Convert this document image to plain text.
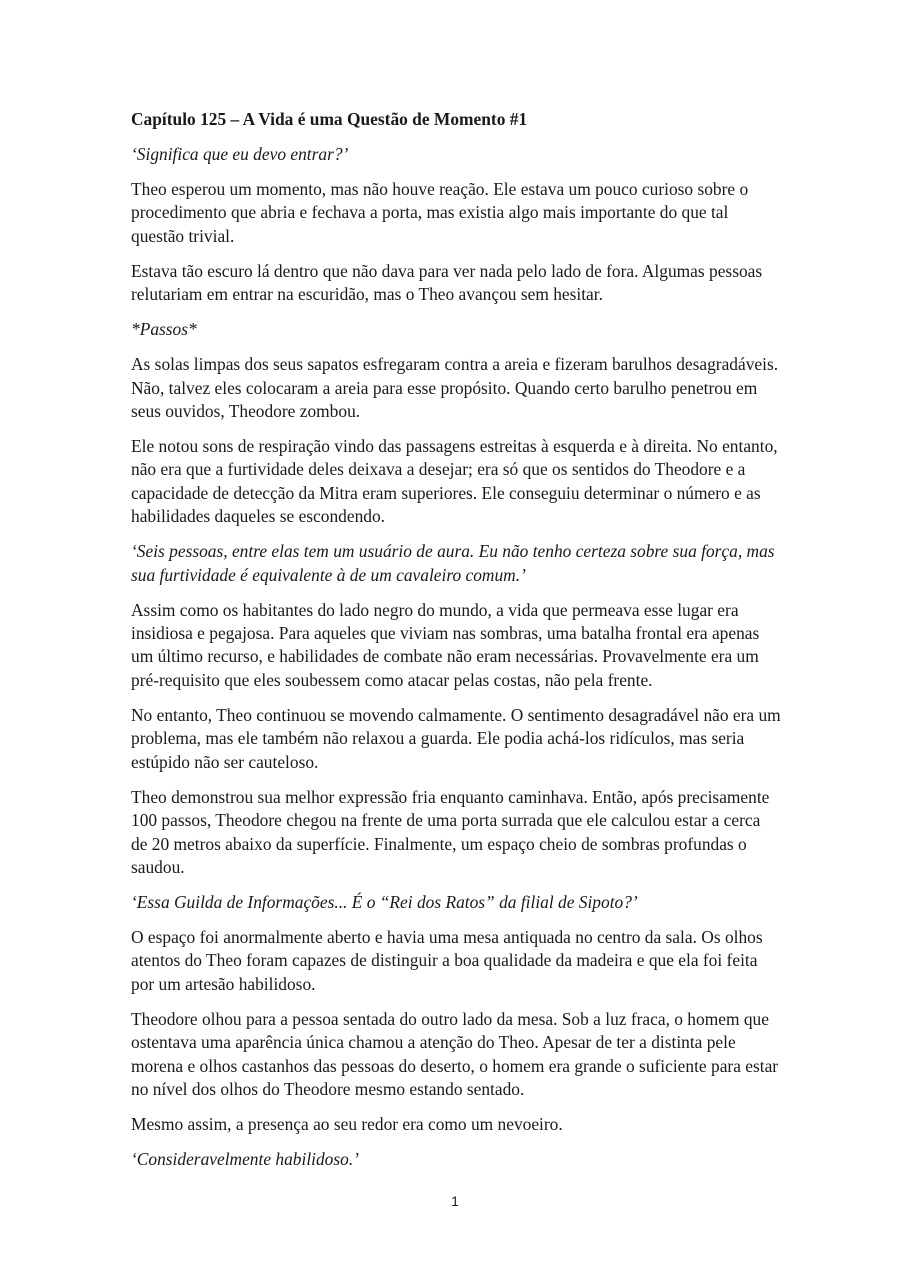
Capítulo 125 – A Vida é uma Questão de Momento #1

‘Significa que eu devo entrar?’

Theo esperou um momento, mas não houve reação. Ele estava um pouco curioso sobre o procedimento que abria e fechava a porta, mas existia algo mais importante do que tal questão trivial.

Estava tão escuro lá dentro que não dava para ver nada pelo lado de fora. Algumas pessoas relutariam em entrar na escuridão, mas o Theo avançou sem hesitar.

*Passos*

As solas limpas dos seus sapatos esfregaram contra a areia e fizeram barulhos desagradáveis. Não, talvez eles colocaram a areia para esse propósito. Quando certo barulho penetrou em seus ouvidos, Theodore zombou.

Ele notou sons de respiração vindo das passagens estreitas à esquerda e à direita. No entanto, não era que a furtividade deles deixava a desejar; era só que os sentidos do Theodore e a capacidade de detecção da Mitra eram superiores. Ele conseguiu determinar o número e as habilidades daqueles se escondendo.

‘Seis pessoas, entre elas tem um usuário de aura. Eu não tenho certeza sobre sua força, mas sua furtividade é equivalente à de um cavaleiro comum.’

Assim como os habitantes do lado negro do mundo, a vida que permeava esse lugar era insidiosa e pegajosa. Para aqueles que viviam nas sombras, uma batalha frontal era apenas um último recurso, e habilidades de combate não eram necessárias. Provavelmente era um pré-requisito que eles soubessem como atacar pelas costas, não pela frente.

No entanto, Theo continuou se movendo calmamente. O sentimento desagradável não era um problema, mas ele também não relaxou a guarda. Ele podia achá-los ridículos, mas seria estúpido não ser cauteloso.

Theo demonstrou sua melhor expressão fria enquanto caminhava. Então, após precisamente 100 passos, Theodore chegou na frente de uma porta surrada que ele calculou estar a cerca de 20 metros abaixo da superfície. Finalmente, um espaço cheio de sombras profundas o saudou.

‘Essa Guilda de Informações... É o “Rei dos Ratos” da filial de Sipoto?’

O espaço foi anormalmente aberto e havia uma mesa antiquada no centro da sala. Os olhos atentos do Theo foram capazes de distinguir a boa qualidade da madeira e que ela foi feita por um artesão habilidoso.

Theodore olhou para a pessoa sentada do outro lado da mesa. Sob a luz fraca, o homem que ostentava uma aparência única chamou a atenção do Theo. Apesar de ter a distinta pele morena e olhos castanhos das pessoas do deserto, o homem era grande o suficiente para estar no nível dos olhos do Theodore mesmo estando sentado.

Mesmo assim, a presença ao seu redor era como um nevoeiro.

‘Consideravelmente habilidoso.’

1
